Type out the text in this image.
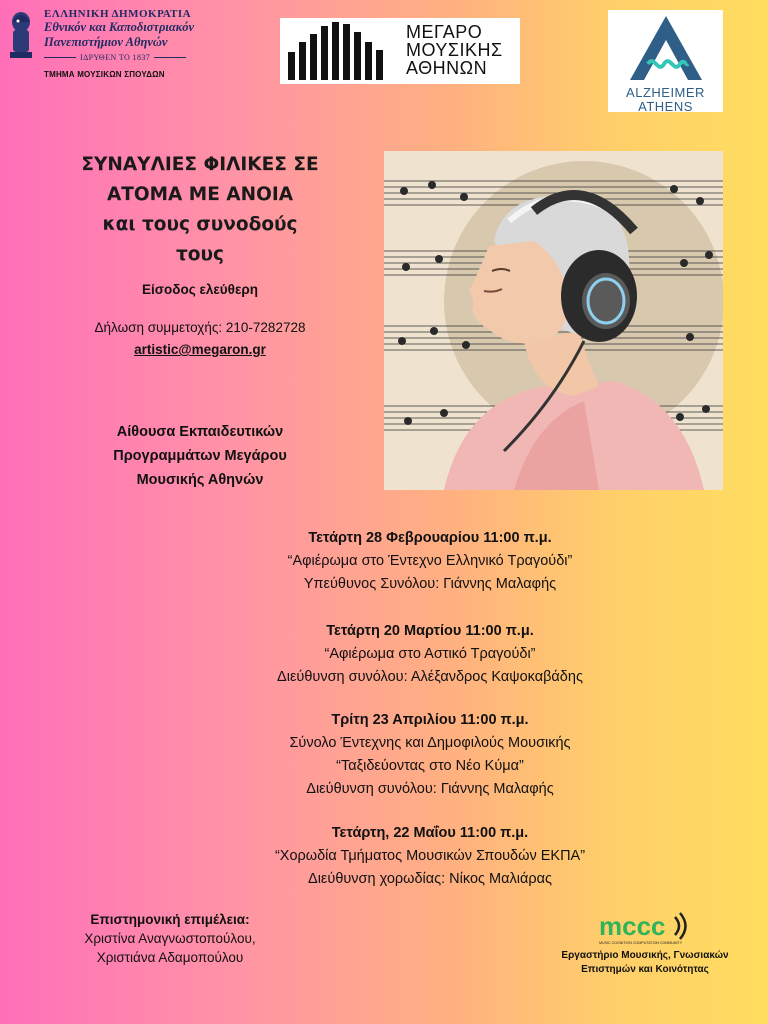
ΕΛΛΗΝΙΚΗ ΔΗΜΟΚΡΑΤΙΑ
Εθνικόν και Καποδιστριακόν
Πανεπιστήμιον Αθηνών
ΙΔΡΥΘΕΝ ΤΟ 1837
ΤΜΗΜΑ ΜΟΥΣΙΚΩΝ ΣΠΟΥΔΩΝ
ΜΕΓΑΡΟ
ΜΟΥΣΙΚΗΣ
ΑΘΗΝΩΝ
ALZHEIMER
ATHENS
ΣΥΝΑΥΛΙΕΣ ΦΙΛΙΚΕΣ ΣΕ
ΑΤΟΜΑ ΜΕ ΑΝΟΙΑ
και τους συνοδούς
τους
Είσοδος ελεύθερη
Δήλωση συμμετοχής: 210-7282728
artistic@megaron.gr
Αίθουσα Εκπαιδευτικών
Προγραμμάτων Μεγάρου
Μουσικής Αθηνών
Τετάρτη 28 Φεβρουαρίου 11:00 π.μ.
“Αφιέρωμα στο Έντεχνο Ελληνικό Τραγούδι”
Υπεύθυνος Συνόλου: Γιάννης Μαλαφής
Τετάρτη 20 Μαρτίου 11:00 π.μ.
“Αφιέρωμα στο Αστικό Τραγούδι”
Διεύθυνση συνόλου: Αλέξανδρος Καψοκαβάδης
Τρίτη 23 Απριλίου 11:00 π.μ.
Σύνολο Έντεχνης και Δημοφιλούς Μουσικής
“Ταξιδεύοντας στο Νέο Κύμα”
Διεύθυνση συνόλου: Γιάννης Μαλαφής
Τετάρτη, 22 Μαΐου 11:00 π.μ.
“Χορωδία Τμήματος Μουσικών Σπουδών ΕΚΠΑ”
Διεύθυνση χορωδίας: Νίκος Μαλιάρας
Επιστημονική επιμέλεια:
Χριστίνα Αναγνωστοπούλου,
Χριστιάνα Αδαμοπούλου
mccc
MUSIC COGNITION COMPUTATION COMMUNITY
Εργαστήριο Μουσικής, Γνωσιακών
Επιστημών και Κοινότητας
